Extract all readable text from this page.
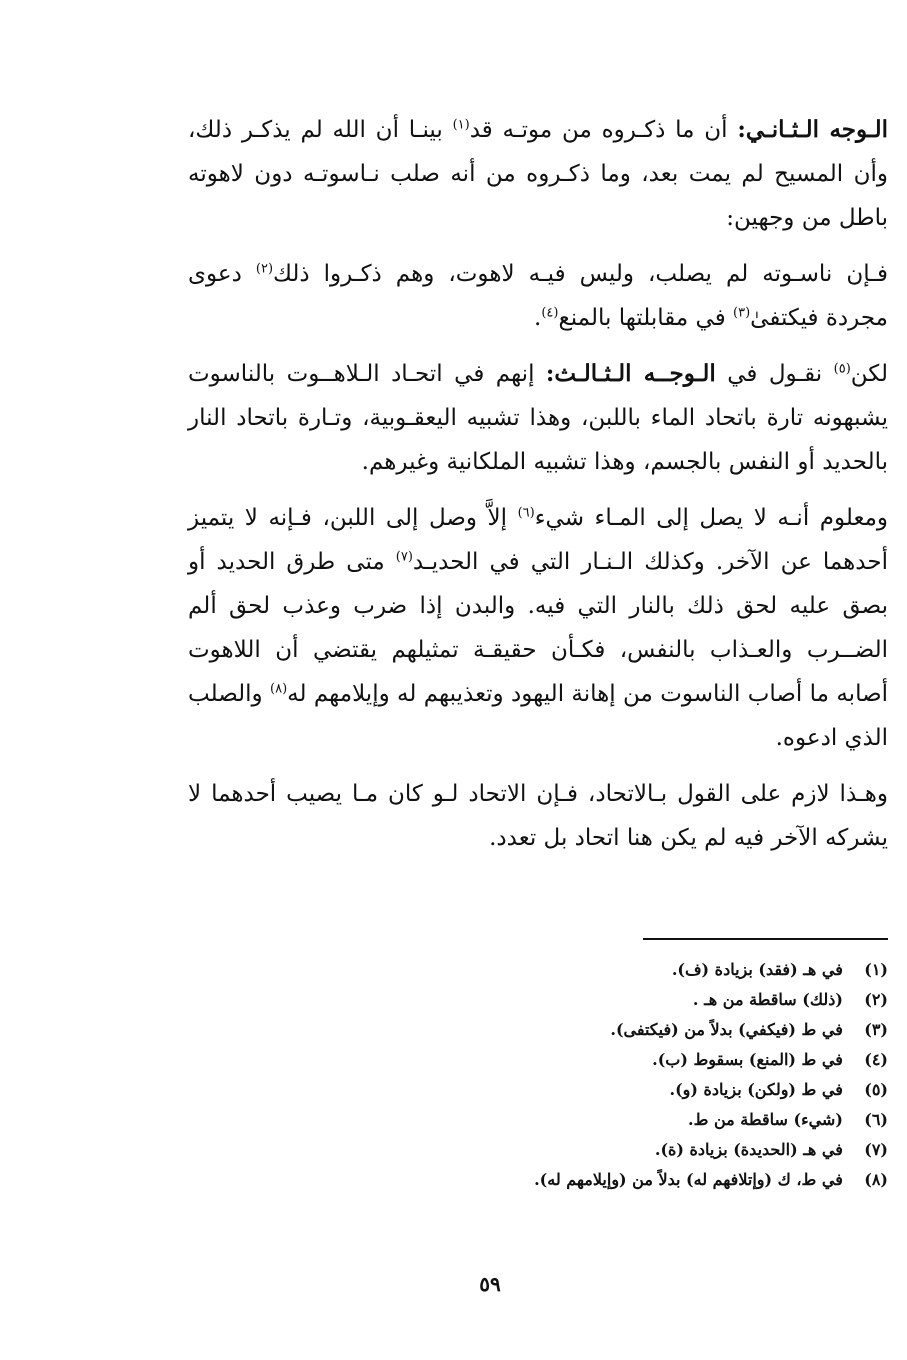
الـوجه الـثـانـي: أن ما ذكـروه من موتـه قد$^{(١)}$ بينـا أن الله لم يذكـر ذلك، وأن المسيح لم يمت بعد، وما ذكـروه من أنه صلب نـاسوتـه دون لاهوته باطل من وجهين:

فـإن ناسـوته لم يصلب، وليس فيـه لاهوت، وهم ذكـروا ذلك$^{(٢)}$ دعوى مجردة فيكتفىٰ$^{(٣)}$ في مقابلتها بالمنع$^{(٤)}$.

لكن$^{(٥)}$ نقـول في الـوجــه الـثـالـث: إنهم في اتحـاد الـلاهــوت بالناسوت يشبهونه تارة باتحاد الماء باللبن، وهذا تشبيه اليعقـوبية، وتـارة باتحاد النار بالحديد أو النفس بالجسم، وهذا تشبيه الملكانية وغيرهم.

ومعلوم أنـه لا يصل إلى المـاء شيء$^{(٦)}$ إلاَّ وصل إلى اللبن، فـإنه لا يتميز أحدهما عن الآخر. وكذلك الـنـار التي في الحديـد$^{(٧)}$ متى طرق الحديد أو بصق عليه لحق ذلك بالنار التي فيه. والبدن إذا ضرب وعذب لحق ألم الضــرب والعـذاب بالنفس، فكـأن حقيقـة تمثيلهم يقتضي أن اللاهوت أصابه ما أصاب الناسوت من إهانة اليهود وتعذيبهم له وإيلامهم له$^{(٨)}$ والصلب الذي ادعوه.

وهـذا لازم على القول بـالاتحاد، فـإن الاتحاد لـو كان مـا يصيب أحدهما لا يشركه الآخر فيه لم يكن هنا اتحاد بل تعدد.

(١) في هـ (فقد) بزيادة (ف).
(٢) (ذلك) ساقطة من هـ .
(٣) في ط (فيكفي) بدلاً من (فيكتفى).
(٤) في ط (المنع) بسقوط (ب).
(٥) في ط (ولكن) بزيادة (و).
(٦) (شيء) ساقطة من ط.
(٧) في هـ (الحديدة) بزيادة (ة).
(٨) في ط، ك (وإتلافهم له) بدلاً من (وإيلامهم له).
٥٩
